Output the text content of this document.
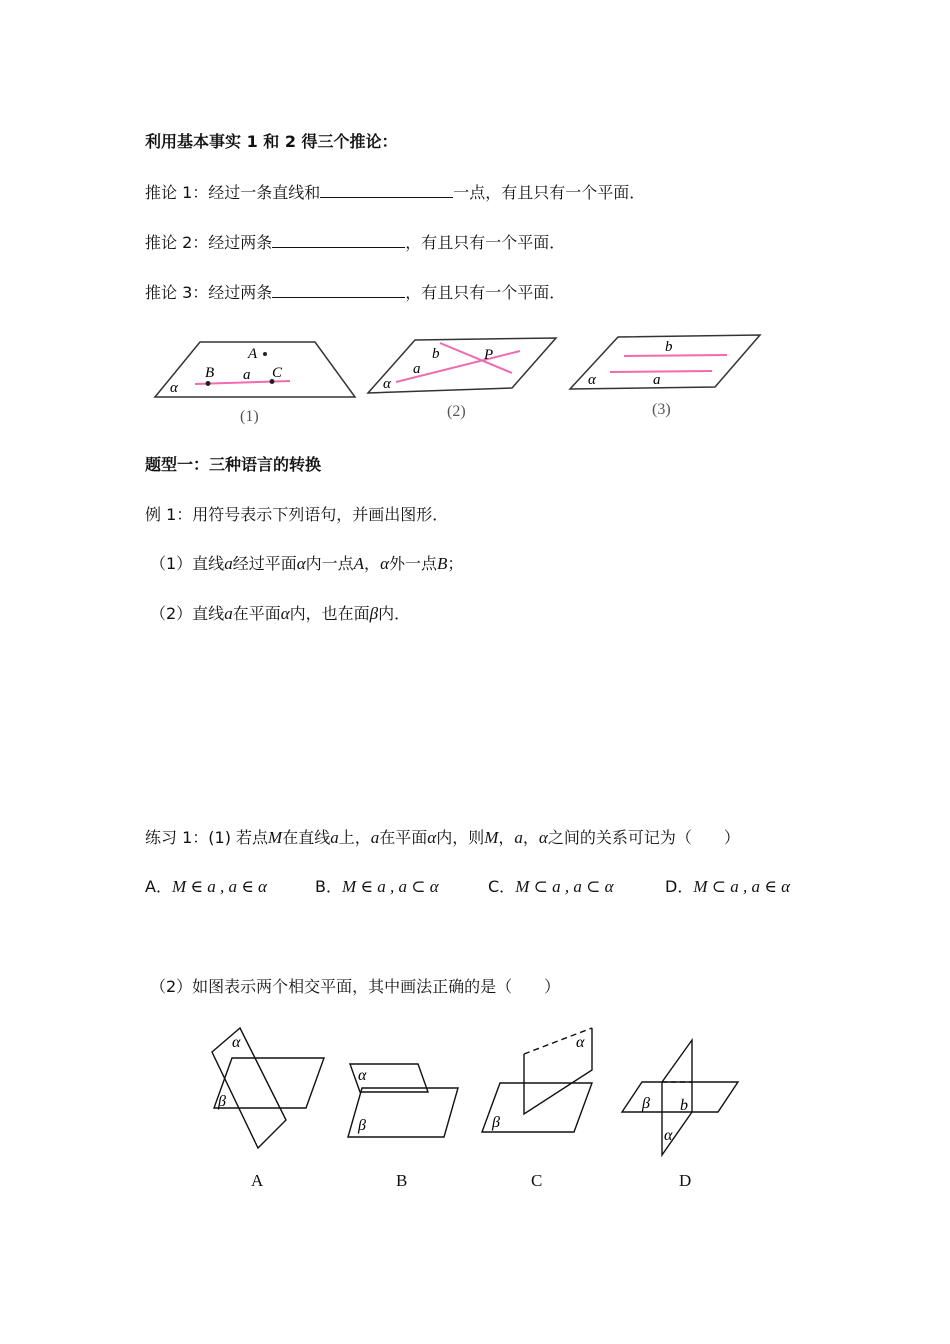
利用基本事实 1 和 2 得三个推论：
推论 1：经过一条直线和	一点，有且只有一个平面．
推论 2：经过两条	，有且只有一个平面．
推论 3：经过两条	，有且只有一个平面．
A
B a C
α
(1)
b	P
a
α
(2)
b
a
α
(3)
题型一：三种语言的转换
例 1：用符号表示下列语句，并画出图形．
（1）直线a经过平面α内一点A，α外一点B；
（2）直线a在平面α内，也在面β内．
练习 1：(1) 若点M在直线a上，a在平面α内，则M，a，α之间的关系可记为（　　）
A．M ∈ a , a ∈ α	B．M ∈ a , a ⊂ α	C．M ⊂ a , a ⊂ α	D．M ⊂ a , a ∈ α
（2）如图表示两个相交平面，其中画法正确的是（　　）
α
β
α
β
α
β
β b
α
A	B	C	D
